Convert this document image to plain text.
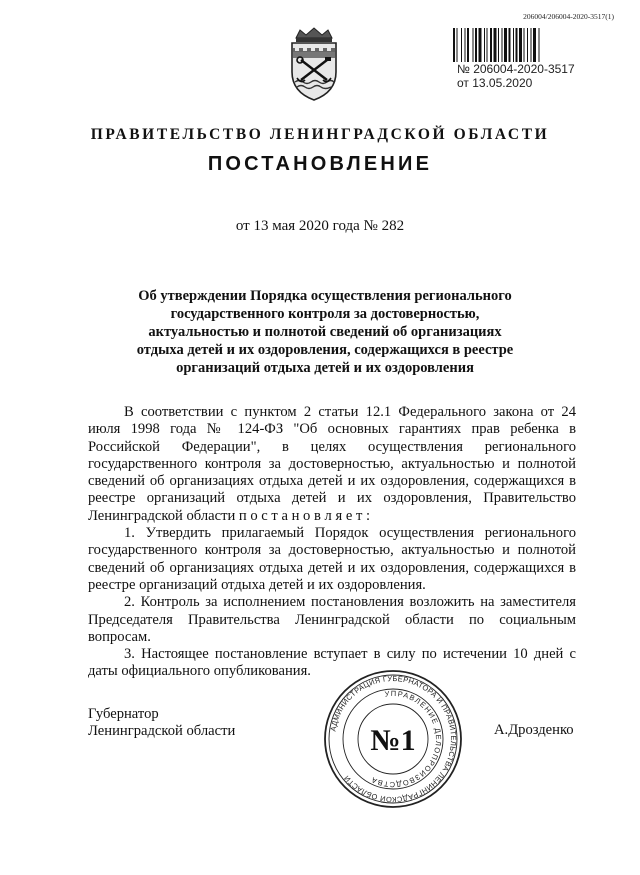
206004/206004-2020-3517(1)
№ 206004-2020-3517
от 13.05.2020
ПРАВИТЕЛЬСТВО ЛЕНИНГРАДСКОЙ ОБЛАСТИ
ПОСТАНОВЛЕНИЕ
от 13 мая 2020 года № 282
Об утверждении Порядка осуществления регионального
государственного контроля за достоверностью,
актуальностью и полнотой сведений об организациях
отдыха детей и их оздоровления, содержащихся в реестре
организаций отдыха детей и их оздоровления

В соответствии с пунктом 2 статьи 12.1 Федерального закона от 24 июля 1998 года № 124-ФЗ "Об основных гарантиях прав ребенка в Российской Федерации", в целях осуществления регионального государственного контроля за достоверностью, актуальностью и полнотой сведений об организациях отдыха детей и их оздоровления, содержащихся в реестре организаций отдыха детей и их оздоровления, Правительство Ленинградской области п о с т а н о в л я е т :

1. Утвердить прилагаемый Порядок осуществления регионального государственного контроля за достоверностью, актуальностью и полнотой сведений об организациях отдыха детей и их оздоровления, содержащихся в реестре организаций отдыха детей и их оздоровления.

2. Контроль за исполнением постановления возложить на заместителя Председателя Правительства Ленинградской области по социальным вопросам.

3. Настоящее постановление вступает в силу по истечении 10 дней с даты официального опубликования.

Губернатор
Ленинградской области	АДМИНИСТРАЦИЯ ГУБЕРНАТОРА И ПРАВИТЕЛЬСТВА ЛЕНИНГРАДСКОЙ ОБЛАСТИ
УПРАВЛЕНИЕ ДЕЛОПРОИЗВОДСТВА
№1	А.Дрозденко
